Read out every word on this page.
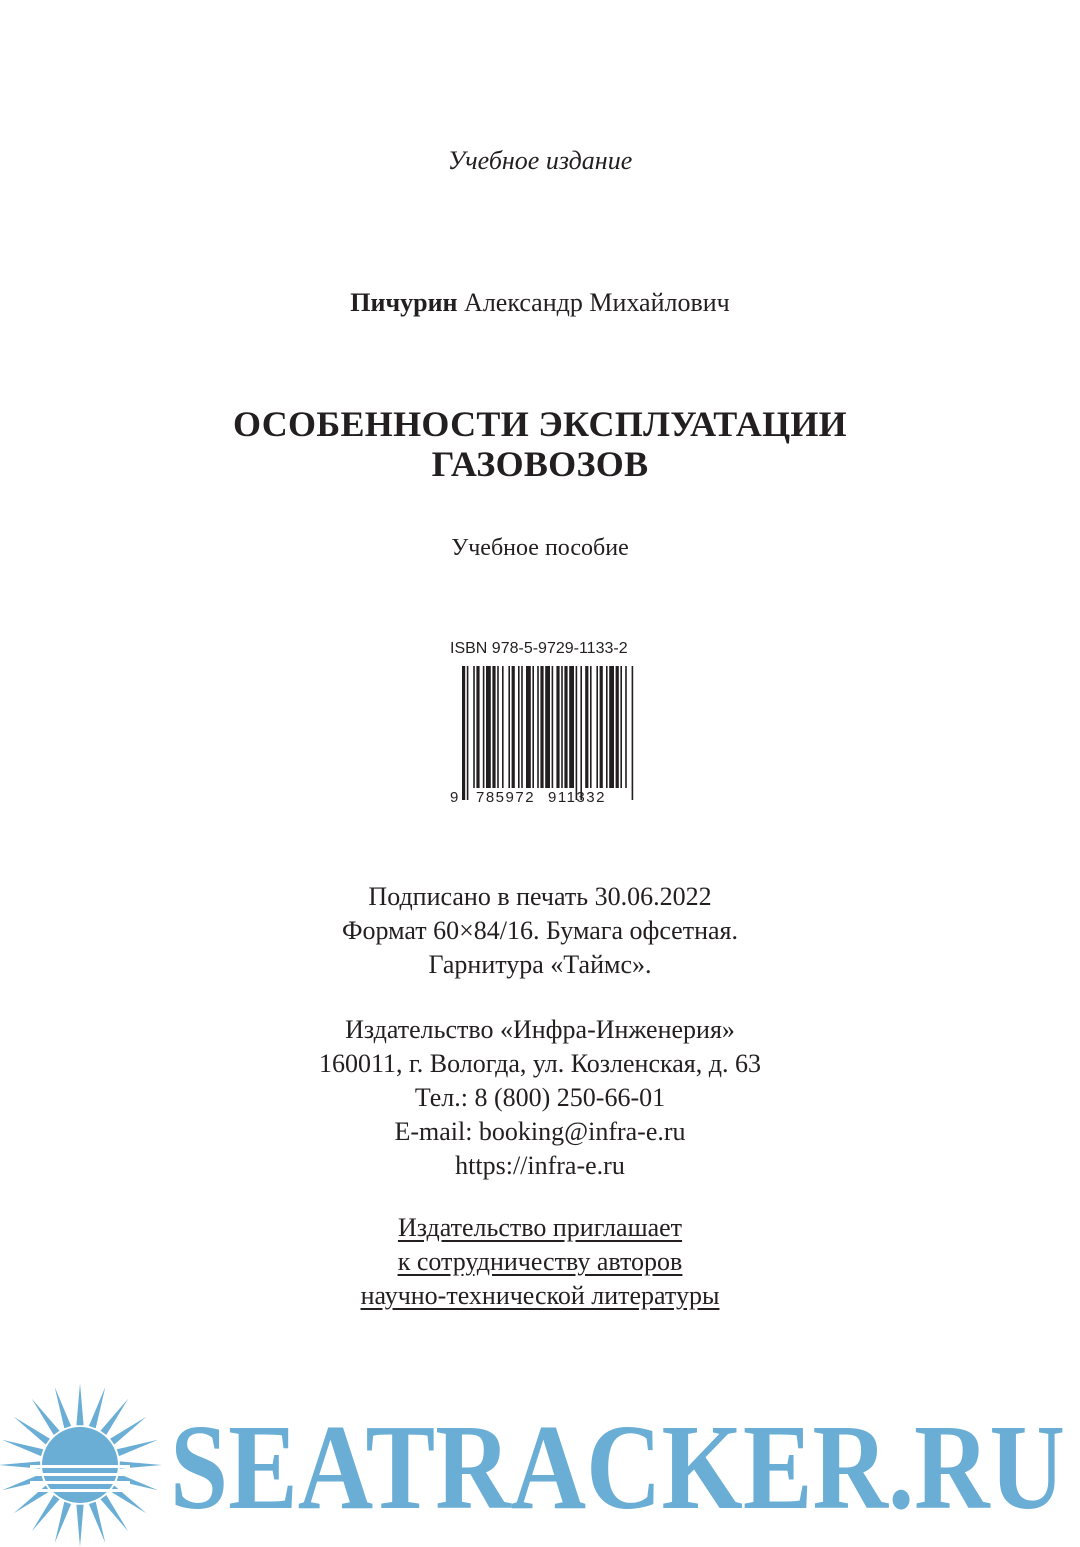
Учебное издание
Пичурин Александр Михайлович
ОСОБЕННОСТИ ЭКСПЛУАТАЦИИ
ГАЗОВОЗОВ
Учебное пособие
ISBN 978-5-9729-1133-2
9 785972 911332
Подписано в печать 30.06.2022
Формат 60×84/16. Бумага офсетная.
Гарнитура «Таймс».
Издательство «Инфра-Инженерия»
160011, г. Вологда, ул. Козленская, д. 63
Тел.: 8 (800) 250-66-01
E-mail: booking@infra-e.ru
https://infra-e.ru
Издательство приглашает
к сотрудничеству авторов
научно-технической литературы
SEATRACKER.RU
